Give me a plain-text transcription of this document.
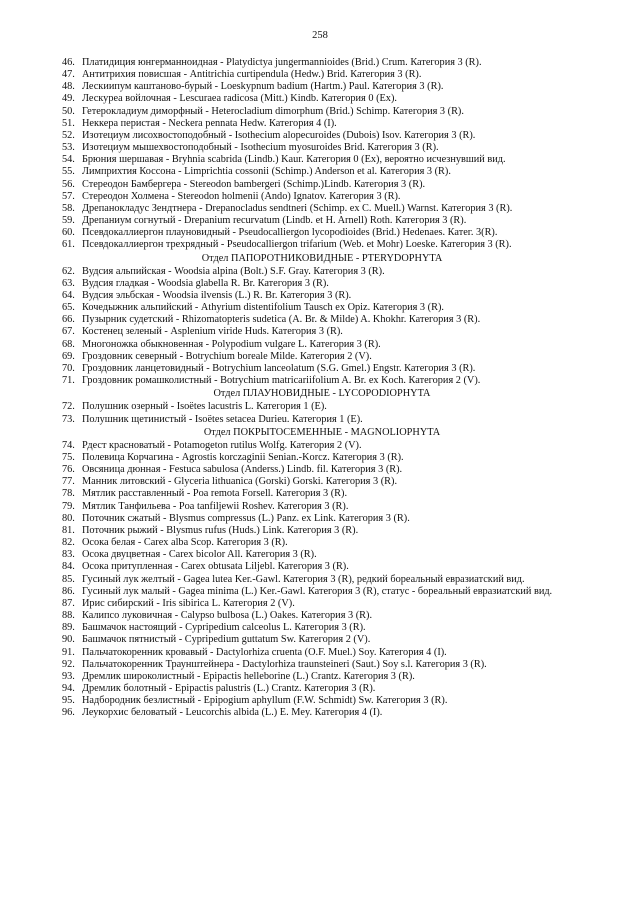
258
46. Платидиция юнгерманноидная - Platydictya jungermannioides (Brid.) Crum. Категория 3 (R).
47. Антитрихия повисшая - Antitrichia curtipendula (Hedw.) Brid. Категория 3 (R).
48. Лескиипум каштаново-бурый - Loeskypnum badium (Hartm.) Paul. Категория 3 (R).
49. Лескуреа войлочная - Lescuraea radicosa (Mitt.) Kindb. Категория 0 (Ex).
50. Гетерокладиум диморфный - Heterocladium dimorphum (Brid.) Schimp. Категория 3 (R).
51. Неккера перистая - Neckera pennata Hedw. Категория 4 (I).
52. Изотециум лисохвостоподобный - Isothecium alopecuroides (Dubois) Isov. Категория 3 (R).
53. Изотециум мышехвостоподобный - Isothecium myosuroides Brid. Категория 3 (R).
54. Брюния шершавая - Bryhnia scabrida (Lindb.) Kaur. Категория 0 (Ex), вероятно исчезнувший вид.
55. Лимприхтия Коссона - Limprichtia cossonii (Schimp.) Anderson et al. Категория 3 (R).
56. Стереодон Бамбергера - Stereodon bambergeri (Schimp.)Lindb. Категория 3 (R).
57. Стереодон Холмена - Stereodon holmenii (Ando) Ignatov. Категория 3 (R).
58. Дрепанокладус Зендтнера - Drepanocladus sendtneri (Schimp. ex C. Muell.) Warnst. Категория 3 (R).
59. Дрепаниум согнутый - Drepanium recurvatum (Lindb. et H. Arnell) Roth. Категория 3 (R).
60. Псевдокаллиергон плауновидный - Pseudocalliergon lycopodioides (Brid.) Hedenaes. Катег. 3(R).
61. Псевдокаллиергон трехрядный - Pseudocalliergon trifarium (Web. et Mohr) Loeske. Категория 3 (R).
Отдел ПАПОРОТНИКОВИДНЫЕ - PTERYDOPHYTA
62. Вудсия альпийская - Woodsia alpina (Bolt.) S.F. Gray. Категория 3 (R).
63. Вудсия гладкая - Woodsia glabella R. Br. Категория 3 (R).
64. Вудсия эльбская - Woodsia ilvensis (L.) R. Br. Категория 3 (R).
65. Кочедыжник альпийский - Athyrium distentifolium Tausch ex Opiz. Категория 3 (R).
66. Пузырник судетский - Rhizomatopteris sudetica (A. Br. & Milde) A. Khokhr. Категория 3 (R).
67. Костенец зеленый - Asplenium viride Huds. Категория 3 (R).
68. Многоножка обыкновенная - Polypodium vulgare L. Категория 3 (R).
69. Гроздовник северный - Botrychium boreale Milde. Категория 2 (V).
70. Гроздовник ланцетовидный - Botrychium lanceolatum (S.G. Gmel.) Engstr. Категория 3 (R).
71. Гроздовник ромашколистный - Botrychium matricariifolium A. Br. ex Koch. Категория 2 (V).
Отдел ПЛАУНОВИДНЫЕ - LYCOPODIOPHYTA
72. Полушник озерный - Isoëtes lacustris L. Категория 1 (E).
73. Полушник щетинистый - Isoëtes setacea Durieu. Категория 1 (E).
Отдел ПОКРЫТОСЕМЕННЫЕ - MAGNOLIOPHYTA
74. Рдест красноватый - Potamogeton rutilus Wolfg. Категория 2 (V).
75. Полевица Корчагина - Agrostis korczaginii Senian.-Korcz. Категория 3 (R).
76. Овсяница дюнная - Festuca sabulosa (Anderss.) Lindb. fil. Категория 3 (R).
77. Манник литовский - Glyceria lithuanica (Gorski) Gorski. Категория 3 (R).
78. Мятлик расставленный - Poa remota Forsell. Категория 3 (R).
79. Мятлик Танфильева - Poa tanfiljewii Roshev. Категория 3 (R).
80. Поточник сжатый - Blysmus compressus (L.) Panz. ex Link. Категория 3 (R).
81. Поточник рыжий - Blysmus rufus (Huds.) Link. Категория 3 (R).
82. Осока белая - Carex alba Scop. Категория 3 (R).
83. Осока двуцветная - Carex bicolor All. Категория 3 (R).
84. Осока притупленная - Carex obtusata Liljebl. Категория 3 (R).
85. Гусиный лук желтый - Gagea lutea Ker.-Gawl. Категория 3 (R), редкий бореальный евразиатский вид.
86. Гусиный лук малый - Gagea minima (L.) Ker.-Gawl. Категория 3 (R), статус - бореальный евразиатский вид.
87. Ирис сибирский - Iris sibirica L. Категория 2 (V).
88. Калипсо луковичная - Calypso bulbosa (L.) Oakes. Категория 3 (R).
89. Башмачок настоящий - Cypripedium calceolus L. Категория 3 (R).
90. Башмачок пятнистый - Cypripedium guttatum Sw. Категория 2 (V).
91. Пальчатокоренник кровавый - Dactylorhiza cruenta (O.F. Muel.) Soy. Категория 4 (I).
92. Пальчатокоренник Траунштейнера - Dactylorhiza traunsteineri (Saut.) Soy s.l. Категория 3 (R).
93. Дремлик широколистный - Epipactis helleborine (L.) Crantz. Категория 3 (R).
94. Дремлик болотный - Epipactis palustris (L.) Crantz. Категория 3 (R).
95. Надбородник безлистный - Epipogium aphyllum (F.W. Schmidt) Sw. Категория 3 (R).
96. Леукорхис беловатый - Leucorchis albida (L.) E. Mey. Категория 4 (I).
